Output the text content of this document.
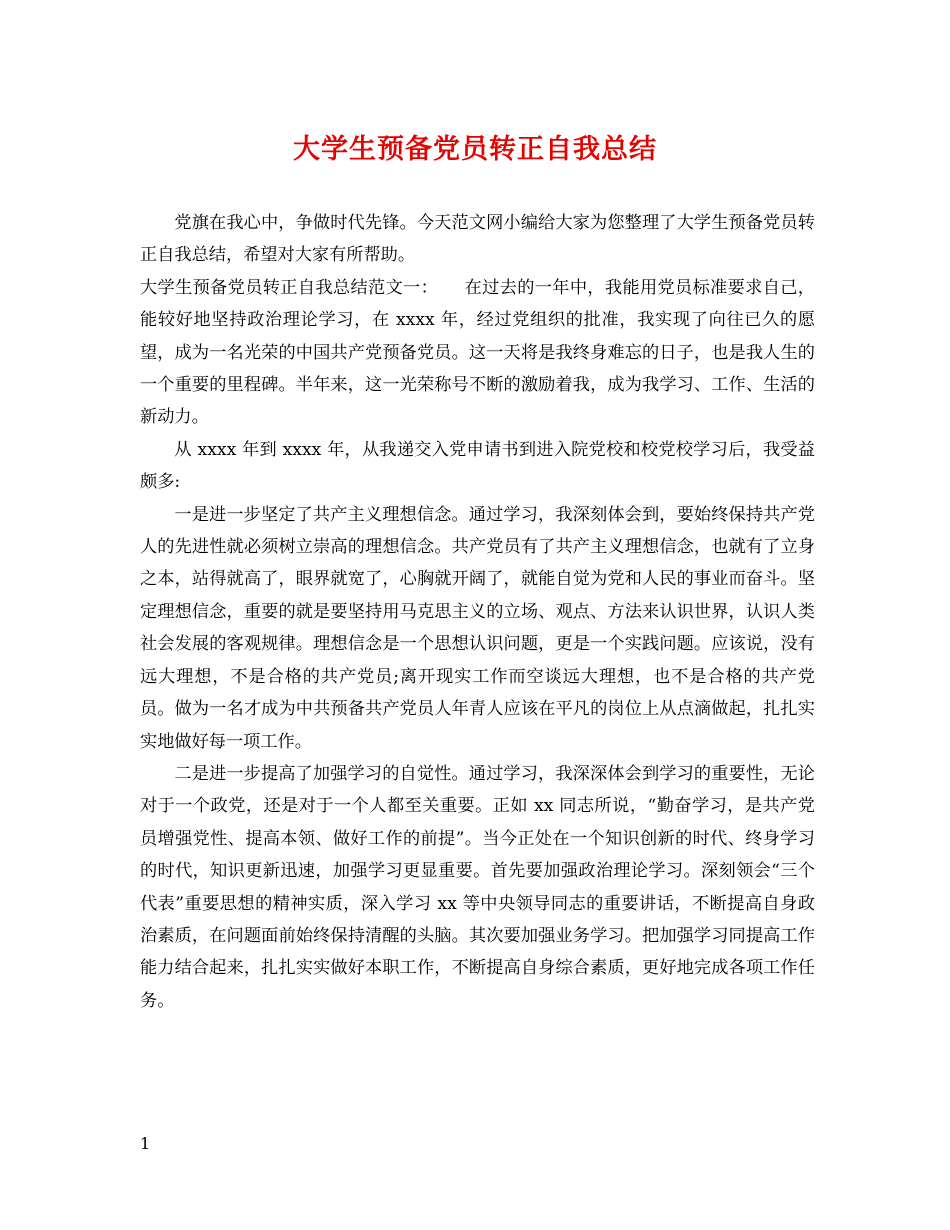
大学生预备党员转正自我总结

党旗在我心中，争做时代先锋。今天范文网小编给大家为您整理了大学生预备党员转正自我总结，希望对大家有所帮助。

大学生预备党员转正自我总结范文一：　　在过去的一年中，我能用党员标准要求自己，能较好地坚持政治理论学习，在 xxxx 年，经过党组织的批准，我实现了向往已久的愿望，成为一名光荣的中国共产党预备党员。这一天将是我终身难忘的日子，也是我人生的一个重要的里程碑。半年来，这一光荣称号不断的激励着我，成为我学习、工作、生活的新动力。

从 xxxx 年到 xxxx 年，从我递交入党申请书到进入院党校和校党校学习后，我受益颇多:

一是进一步坚定了共产主义理想信念。通过学习，我深刻体会到，要始终保持共产党人的先进性就必须树立崇高的理想信念。共产党员有了共产主义理想信念，也就有了立身之本，站得就高了，眼界就宽了，心胸就开阔了，就能自觉为党和人民的事业而奋斗。坚定理想信念，重要的就是要坚持用马克思主义的立场、观点、方法来认识世界，认识人类社会发展的客观规律。理想信念是一个思想认识问题，更是一个实践问题。应该说，没有远大理想，不是合格的共产党员;离开现实工作而空谈远大理想，也不是合格的共产党员。做为一名才成为中共预备共产党员人年青人应该在平凡的岗位上从点滴做起，扎扎实实地做好每一项工作。

二是进一步提高了加强学习的自觉性。通过学习，我深深体会到学习的重要性，无论对于一个政党，还是对于一个人都至关重要。正如 xx 同志所说，“勤奋学习，是共产党员增强党性、提高本领、做好工作的前提”。当今正处在一个知识创新的时代、终身学习的时代，知识更新迅速，加强学习更显重要。首先要加强政治理论学习。深刻领会“三个代表”重要思想的精神实质，深入学习 xx 等中央领导同志的重要讲话，不断提高自身政治素质，在问题面前始终保持清醒的头脑。其次要加强业务学习。把加强学习同提高工作能力结合起来，扎扎实实做好本职工作，不断提高自身综合素质，更好地完成各项工作任务。

1
